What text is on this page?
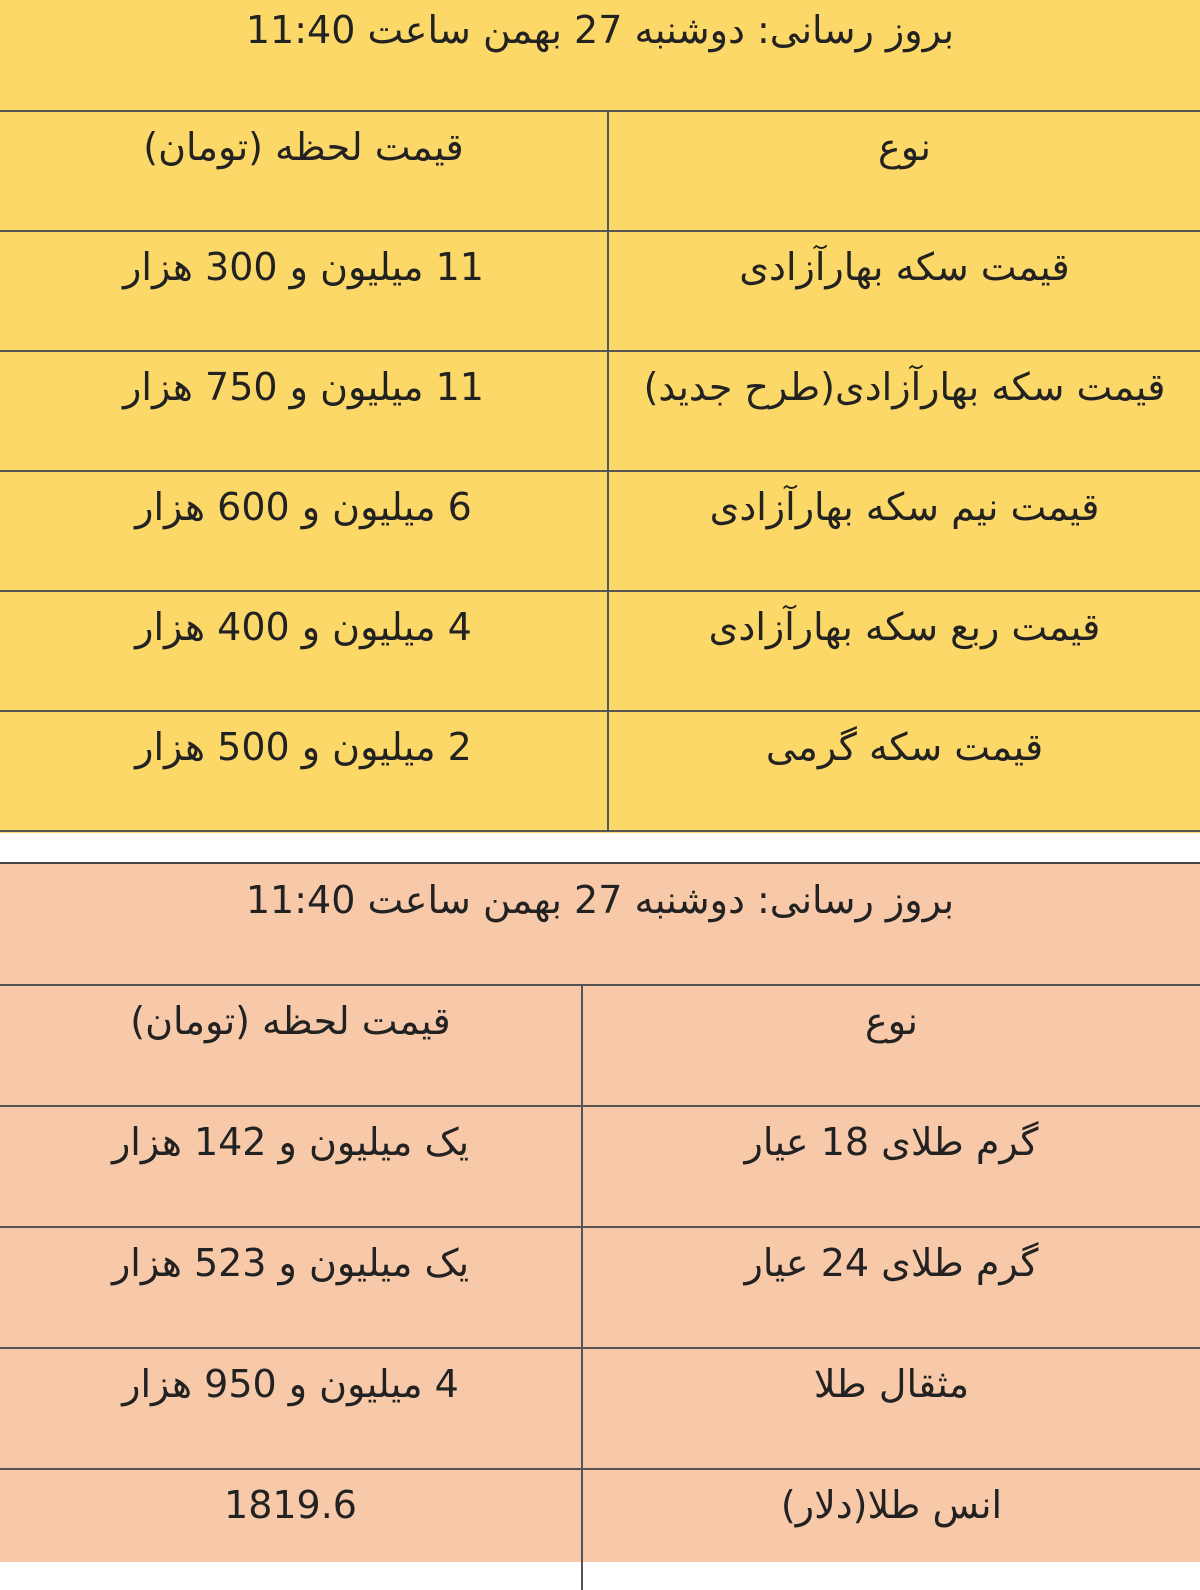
بروز رسانی: دوشنبه 27 بهمن ساعت 11:40
نوع	قیمت لحظه (تومان)
قیمت سکه بهارآزادی	11 میلیون و 300 هزار
قیمت سکه بهارآزادی(طرح جدید)	11 میلیون و 750 هزار
قیمت نیم سکه بهارآزادی	6 میلیون و 600 هزار
قیمت ربع سکه بهارآزادی	4 میلیون و 400 هزار
قیمت سکه گرمی	2 میلیون و 500 هزار
بروز رسانی: دوشنبه 27 بهمن ساعت 11:40
نوع	قیمت لحظه (تومان)
گرم طلای 18 عیار	یک میلیون و 142 هزار
گرم طلای 24 عیار	یک میلیون و 523 هزار
مثقال طلا	4 میلیون و 950 هزار
انس طلا(دلار)	1819.6
